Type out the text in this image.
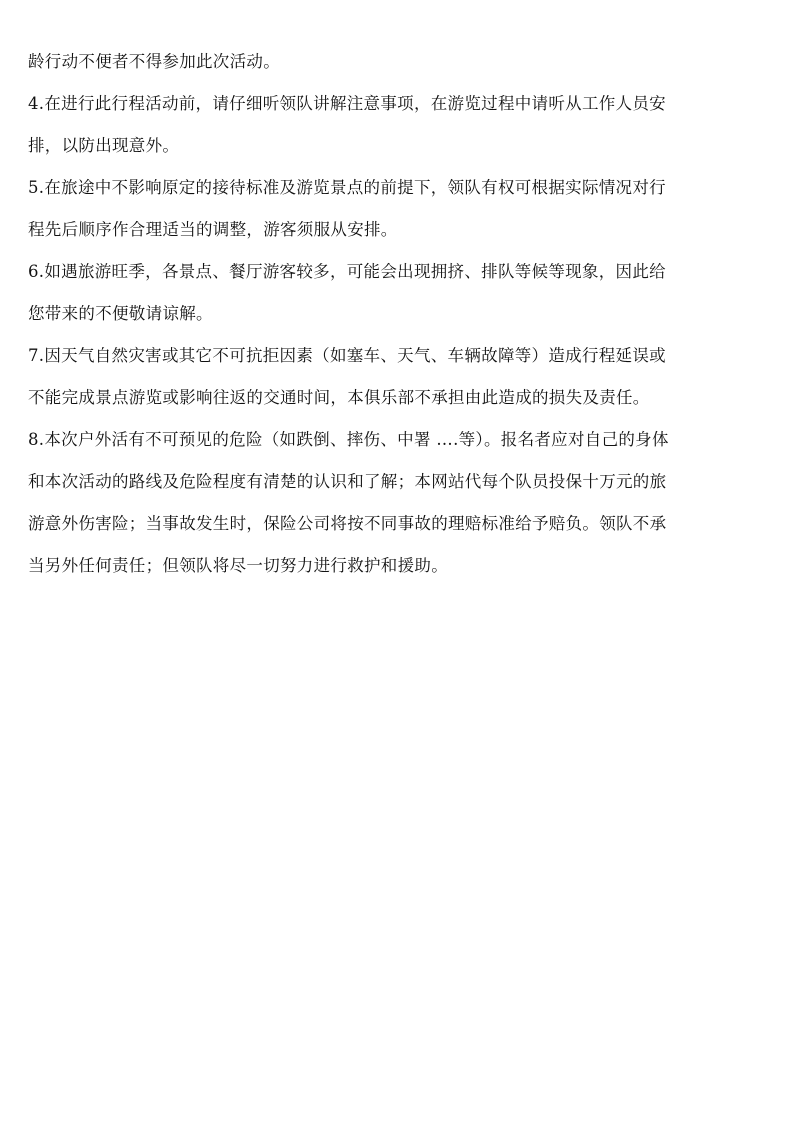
龄行动不便者不得参加此次活动。
4.在进行此行程活动前，请仔细听领队讲解注意事项，在游览过程中请听从工作人员安
排，以防出现意外。
5.在旅途中不影响原定的接待标准及游览景点的前提下，领队有权可根据实际情况对行
程先后顺序作合理适当的调整，游客须服从安排。
6.如遇旅游旺季，各景点、餐厅游客较多，可能会出现拥挤、排队等候等现象，因此给
您带来的不便敬请谅解。
7.因天气自然灾害或其它不可抗拒因素（如塞车、天气、车辆故障等）造成行程延误或
不能完成景点游览或影响往返的交通时间，本俱乐部不承担由此造成的损失及责任。
8.本次户外活有不可预见的危险（如跌倒、摔伤、中署 ….等）。报名者应对自己的身体
和本次活动的路线及危险程度有清楚的认识和了解；本网站代每个队员投保十万元的旅
游意外伤害险；当事故发生时，保险公司将按不同事故的理赔标准给予赔负。领队不承
当另外任何责任；但领队将尽一切努力进行救护和援助。
